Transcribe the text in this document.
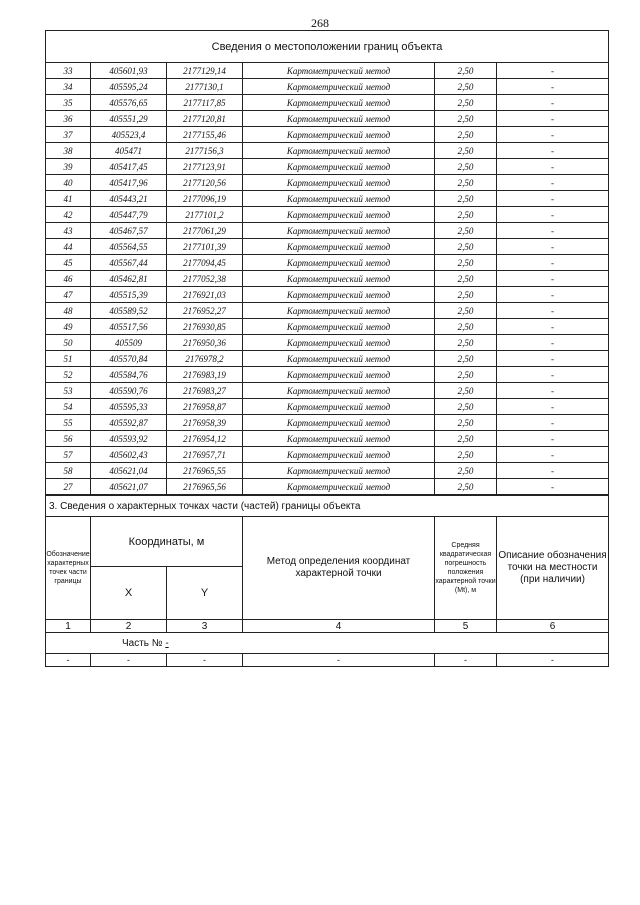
268
Сведения о местоположении границ объекта					
33	405601,93	2177129,14	Картометрический метод	2,50	-
34	405595,24	2177130,1	Картометрический метод	2,50	-
35	405576,65	2177117,85	Картометрический метод	2,50	-
36	405551,29	2177120,81	Картометрический метод	2,50	-
37	405523,4	2177155,46	Картометрический метод	2,50	-
38	405471	2177156,3	Картометрический метод	2,50	-
39	405417,45	2177123,91	Картометрический метод	2,50	-
40	405417,96	2177120,56	Картометрический метод	2,50	-
41	405443,21	2177096,19	Картометрический метод	2,50	-
42	405447,79	2177101,2	Картометрический метод	2,50	-
43	405467,57	2177061,29	Картометрический метод	2,50	-
44	405564,55	2177101,39	Картометрический метод	2,50	-
45	405567,44	2177094,45	Картометрический метод	2,50	-
46	405462,81	2177052,38	Картометрический метод	2,50	-
47	405515,39	2176921,03	Картометрический метод	2,50	-
48	405589,52	2176952,27	Картометрический метод	2,50	-
49	405517,56	2176930,85	Картометрический метод	2,50	-
50	405509	2176950,36	Картометрический метод	2,50	-
51	405570,84	2176978,2	Картометрический метод	2,50	-
52	405584,76	2176983,19	Картометрический метод	2,50	-
53	405590,76	2176983,27	Картометрический метод	2,50	-
54	405595,33	2176958,87	Картометрический метод	2,50	-
55	405592,87	2176958,39	Картометрический метод	2,50	-
56	405593,92	2176954,12	Картометрический метод	2,50	-
57	405602,43	2176957,71	Картометрический метод	2,50	-
58	405621,04	2176965,55	Картометрический метод	2,50	-
27	405621,07	2176965,56	Картометрический метод	2,50	-
3. Сведения о характерных точках части (частей) границы объекта					
Обозначение характерных точек части границы	Координаты, м		Метод определения координат характерной точки	Средняя квадратическая погрешность положения характерной точки (Мt), м	Описание обозначения точки на местности (при наличии)
	X	Y			
1	2	3	4	5	6
Часть № -					
-	-	-	-	-	-
